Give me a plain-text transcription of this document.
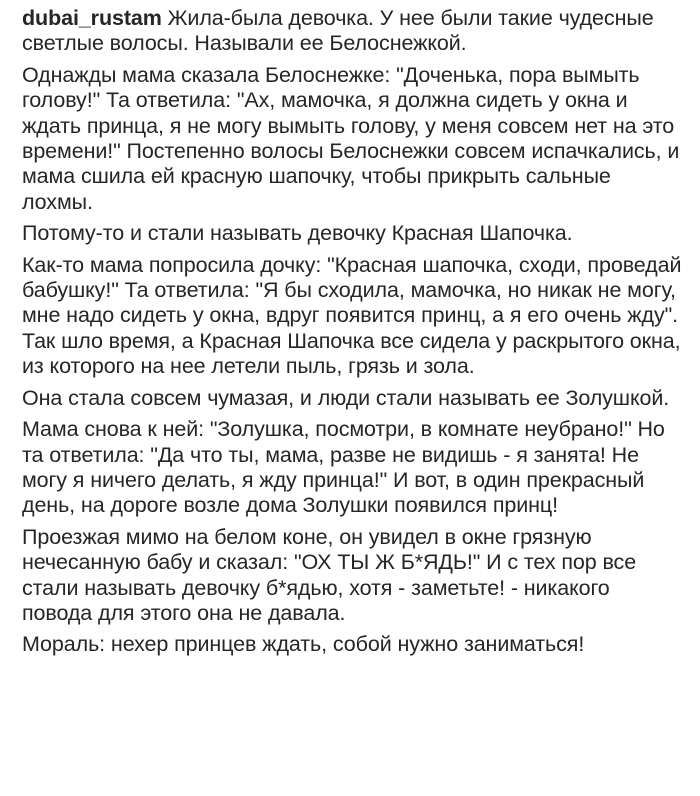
dubai_rustam Жила-была девочка. У нее были такие чудесные светлые волосы. Называли ее Белоснежкой.

Однажды мама сказала Белоснежке: "Доченька, пора вымыть голову!" Та ответила: "Ах, мамочка, я должна сидеть у окна и ждать принца, я не могу вымыть голову, у меня совсем нет на это времени!" Постепенно волосы Белоснежки совсем испачкались, и мама сшила ей красную шапочку, чтобы прикрыть сальные лохмы.

Потому-то и стали называть девочку Красная Шапочка.

Как-то мама попросила дочку: "Красная шапочка, сходи, проведай бабушку!" Та ответила: "Я бы сходила, мамочка, но никак не могу, мне надо сидеть у окна, вдруг появится принц, а я его очень жду". Так шло время, а Красная Шапочка все сидела у раскрытого окна, из которого на нее летели пыль, грязь и зола.

Она стала совсем чумазая, и люди стали называть ее Золушкой.

Мама снова к ней: "Золушка, посмотри, в комнате неубрано!" Но та ответила: "Да что ты, мама, разве не видишь - я занята! Не могу я ничего делать, я жду принца!" И вот, в один прекрасный день, на дороге возле дома Золушки появился принц!

Проезжая мимо на белом коне, он увидел в окне грязную нечесанную бабу и сказал: "ОХ ТЫ Ж Б*ЯДЬ!" И с тех пор все стали называть девочку б*ядью, хотя - заметьте! - никакого повода для этого она не давала.

Мораль: нехер принцев ждать, собой нужно заниматься!
